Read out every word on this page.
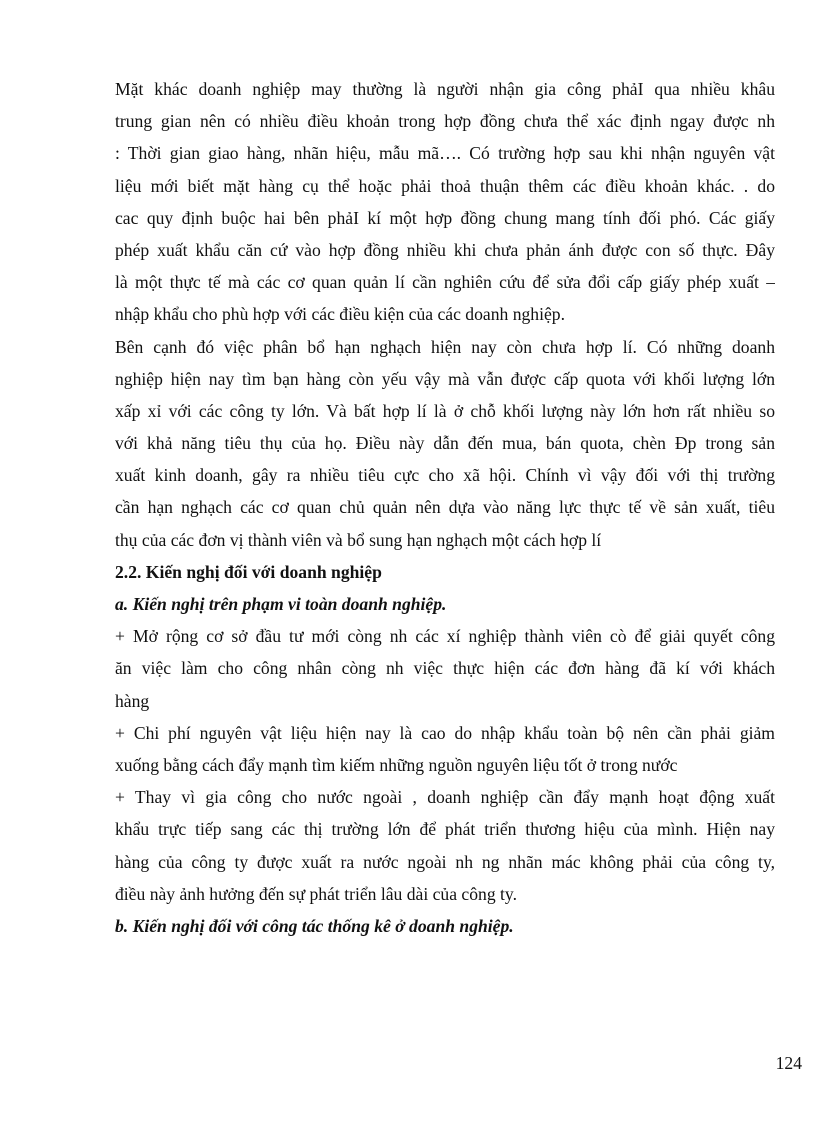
Mặt khác doanh nghiệp may thường là người nhận gia công phảI qua nhiều khâu
trung gian nên có nhiều điều khoản trong hợp đồng chưa thể xác định ngay được nh
: Thời gian giao hàng, nhãn hiệu, mẫu mã…. Có trường hợp sau khi nhận nguyên vật
liệu mới biết mặt hàng cụ thể hoặc phải thoả thuận thêm các điều khoản khác. . do
cac quy định buộc hai bên phảI kí một hợp đồng chung mang tính đối phó. Các giấy
phép xuất khẩu căn cứ vào hợp đồng nhiều khi chưa phản ánh được con số thực. Đây
là một thực tế mà các cơ quan quản lí cần nghiên cứu để sửa đổi cấp giấy phép xuất –
nhập khẩu cho phù hợp với các điều kiện của các doanh nghiệp.
Bên cạnh đó việc phân bổ hạn nghạch hiện nay còn chưa hợp lí. Có những doanh
nghiệp hiện nay tìm bạn hàng còn yếu vậy mà vẫn được cấp quota với khối lượng lớn
xấp xỉ với các công ty lớn. Và bất hợp lí là ở chỗ khối lượng này lớn hơn rất nhiều so
với khả năng tiêu thụ của họ. Điều này dẫn đến mua, bán quota, chèn Đp trong sản
xuất kinh doanh, gây ra nhiều tiêu cực cho xã hội. Chính vì vậy đối với thị trường
cần hạn nghạch các cơ quan chủ quản nên dựa vào năng lực thực tế về sản xuất, tiêu
thụ của các đơn vị thành viên và bổ sung hạn nghạch một cách hợp lí
2.2. Kiến nghị đối với doanh nghiệp
a. Kiến nghị trên phạm vi toàn doanh nghiệp.
+ Mở rộng cơ sở đầu tư mới còng nh các xí nghiệp thành viên cò để giải quyết công
ăn việc làm cho công nhân còng nh việc thực hiện các đơn hàng đã kí với khách
hàng
+ Chi phí nguyên vật liệu hiện nay là cao do nhập khẩu toàn bộ nên cần phải giảm
xuống bằng cách đẩy mạnh tìm kiếm những nguồn nguyên liệu tốt ở trong nước
+ Thay vì gia công cho nước ngoài , doanh nghiệp cần đẩy mạnh hoạt động xuất
khẩu trực tiếp sang các thị trường lớn để phát triển thương hiệu của mình. Hiện nay
hàng của công ty được xuất ra nước ngoài nh ng nhãn mác không phải của công ty,
điều này ảnh hưởng đến sự phát triển lâu dài của công ty.
b. Kiến nghị đối với công tác thống kê ở doanh nghiệp.
124
